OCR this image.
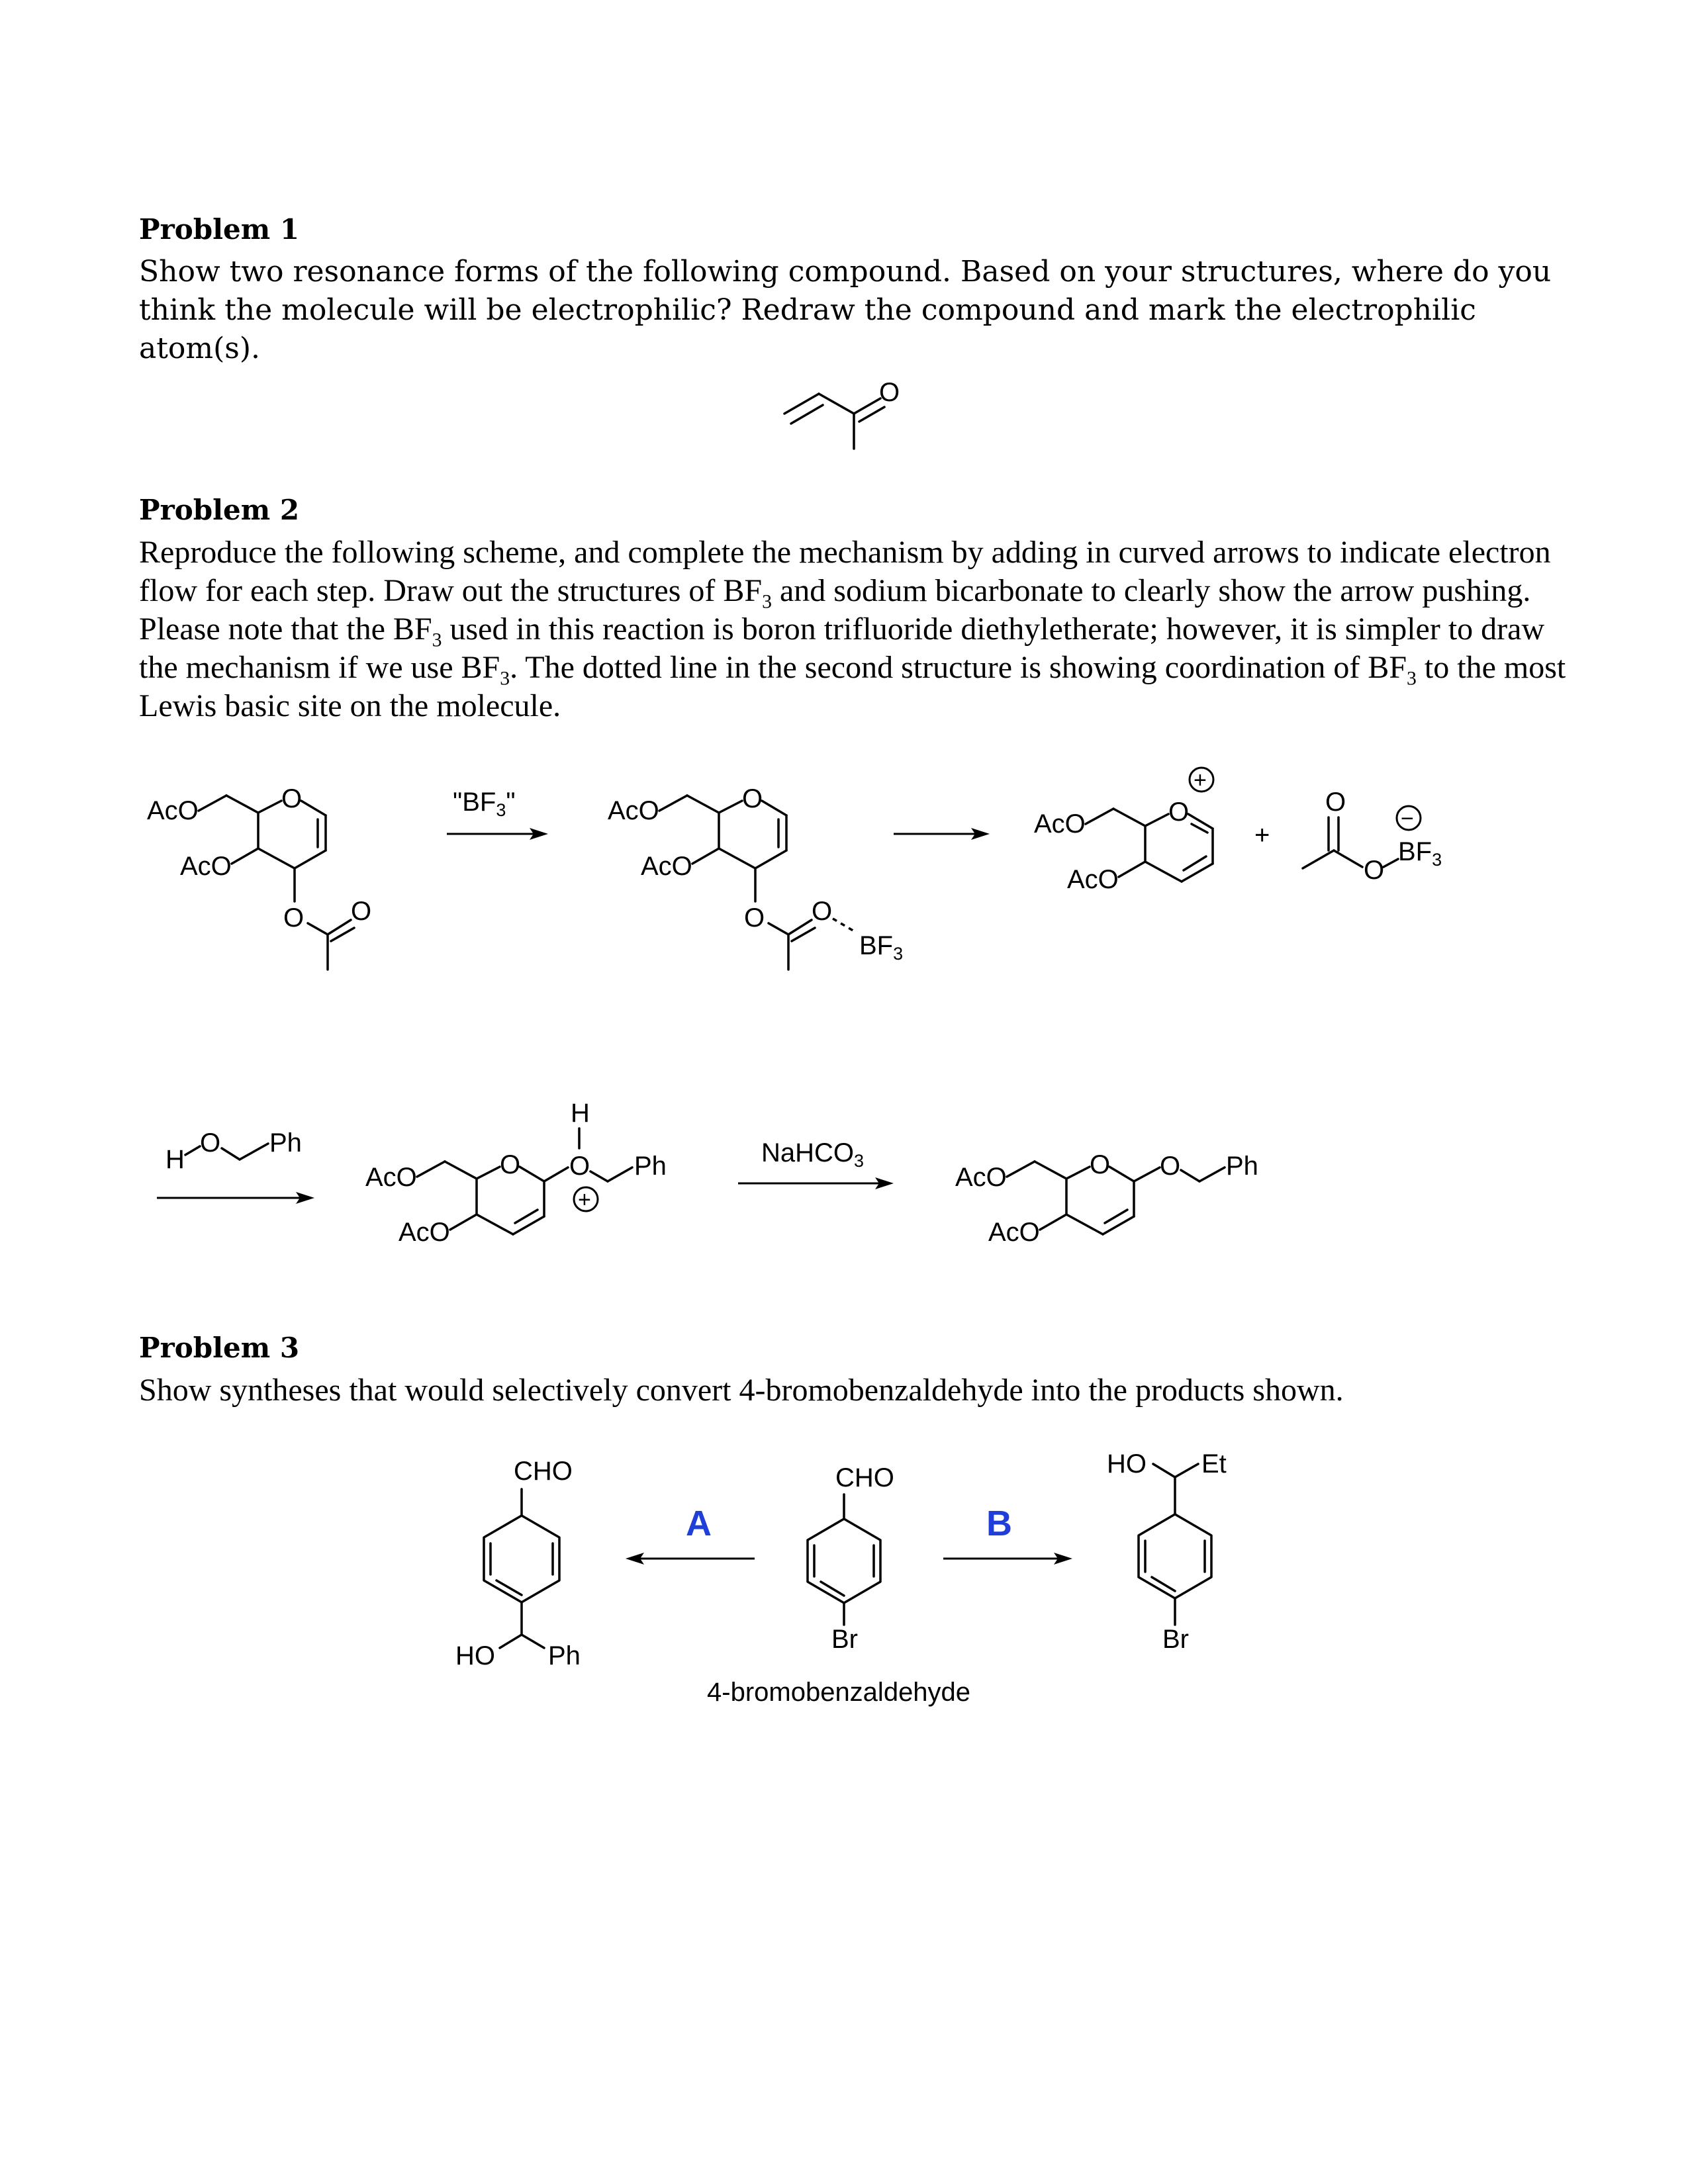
Problem 1

Show two resonance forms of the following compound. Based on your structures, where do you think the molecule will be electrophilic? Redraw the compound and mark the electrophilic atom(s).

O
Problem 2

Reproduce the following scheme, and complete the mechanism by adding in curved arrows to indicate electron flow for each step. Draw out the structures of $BF_3$ and sodium bicarbonate to clearly show the arrow pushing. Please note that the $BF_3$ used in this reaction is boron trifluoride diethyletherate; however, it is simpler to draw the mechanism if we use $BF_3$. The dotted line in the second structure is showing coordination of $BF_3$ to the most Lewis basic site on the molecule.

AcO	O
AcO
O O
"$BF_3$"	AcO	O
AcO
O O
$BF_3$
AcO	O
AcO
+
+
O
O
$BF_3$
−
H
O Ph
AcO	O
AcO
O
H
Ph
+
NaHCO$_3$
AcO	O
AcO
O Ph
Problem 3

Show syntheses that would selectively convert 4-bromobenzaldehyde into the products shown.

CHO
HO Ph
A
CHO
Br
4-bromobenzaldehyde
B
HO Et
Br
